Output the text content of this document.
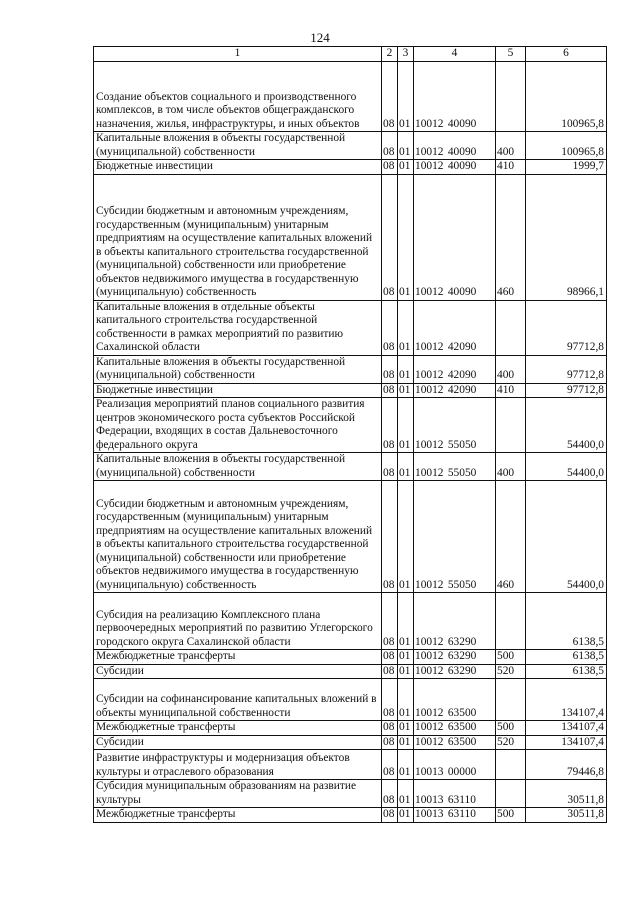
124
1	2	3	4	5	6
Создание объектов социального и производственного комплексов, в том числе объектов общегражданского назначения, жилья, инфраструктуры, и иных объектов	08	01	10012 40090		100965,8
Капитальные вложения в объекты государственной (муниципальной) собственности	08	01	10012 40090	400	100965,8
Бюджетные инвестиции	08	01	10012 40090	410	1999,7
Субсидии бюджетным и автономным учреждениям, государственным (муниципальным) унитарным предприятиям на осуществление капитальных вложений в объекты капитального строительства государственной (муниципальной) собственности или приобретение объектов недвижимого имущества в государственную (муниципальную) собственность	08	01	10012 40090	460	98966,1
Капитальные вложения в отдельные объекты капитального строительства государственной собственности в рамках мероприятий по развитию Сахалинской области	08	01	10012 42090		97712,8
Капитальные вложения в объекты государственной (муниципальной) собственности	08	01	10012 42090	400	97712,8
Бюджетные инвестиции	08	01	10012 42090	410	97712,8
Реализация мероприятий планов социального развития центров экономического роста субъектов Российской Федерации, входящих в состав Дальневосточного федерального округа	08	01	10012 55050		54400,0
Капитальные вложения в объекты государственной (муниципальной) собственности	08	01	10012 55050	400	54400,0
Субсидии бюджетным и автономным учреждениям, государственным (муниципальным) унитарным предприятиям на осуществление капитальных вложений в объекты капитального строительства государственной (муниципальной) собственности или приобретение объектов недвижимого имущества в государственную (муниципальную) собственность	08	01	10012 55050	460	54400,0
Субсидия на реализацию Комплексного плана первоочередных мероприятий по развитию Углегорского городского округа Сахалинской области	08	01	10012 63290		6138,5
Межбюджетные трансферты	08	01	10012 63290	500	6138,5
Субсидии	08	01	10012 63290	520	6138,5
Субсидии на софинансирование капитальных вложений в объекты муниципальной собственности	08	01	10012 63500		134107,4
Межбюджетные трансферты	08	01	10012 63500	500	134107,4
Субсидии	08	01	10012 63500	520	134107,4
Развитие инфраструктуры и модернизация объектов культуры и отраслевого образования	08	01	10013 00000		79446,8
Субсидия муниципальным образованиям на развитие культуры	08	01	10013 63110		30511,8
Межбюджетные трансферты	08	01	10013 63110	500	30511,8
